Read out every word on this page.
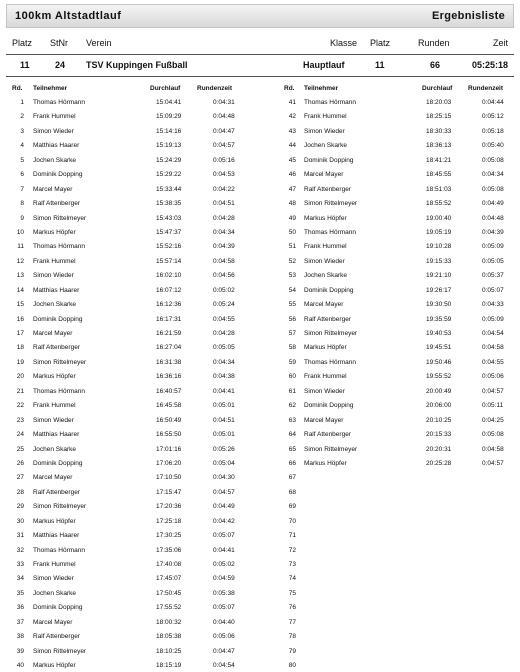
100km Altstadtlauf	Ergebnisliste
Platz StNr Verein	Klasse Platz	Runden	Zeit
11	24 TSV Kuppingen Fußball	Hauptlauf	11	66	05:25:18
Rd. Teilnehmer	Durchlauf	Rundenzeit	Rd. Teilnehmer	Durchlauf Rundenzeit
1 Thomas Hörmann	15:04:41	0:04:31
2 Frank Hummel	15:09:29	0:04:48
3 Simon Wieder	15:14:16	0:04:47
4 Matthias Haarer	15:19:13	0:04:57
5 Jochen Skarke	15:24:29	0:05:16
6 Dominik Dopping	15:29:22	0:04:53
7 Marcel Mayer	15:33:44	0:04:22
8 Ralf Attenberger	15:38:35	0:04:51
9 Simon Rittelmeyer	15:43:03	0:04:28
10 Markus Höpfer	15:47:37	0:04:34
11 Thomas Hörmann	15:52:16	0:04:39
12 Frank Hummel	15:57:14	0:04:58
13 Simon Wieder	16:02:10	0:04:56
14 Matthias Haarer	16:07:12	0:05:02
15 Jochen Skarke	16:12:36	0:05:24
16 Dominik Dopping	16:17:31	0:04:55
17 Marcel Mayer	16:21:59	0:04:28
18 Ralf Attenberger	16:27:04	0:05:05
19 Simon Rittelmeyer	16:31:38	0:04:34
20 Markus Höpfer	16:36:16	0:04:38
21 Thomas Hörmann	16:40:57	0:04:41
22 Frank Hummel	16:45:58	0:05:01
23 Simon Wieder	16:50:49	0:04:51
24 Matthias Haarer	16:55:50	0:05:01
25 Jochen Skarke	17:01:16	0:05:26
26 Dominik Dopping	17:06:20	0:05:04
27 Marcel Mayer	17:10:50	0:04:30
28 Ralf Attenberger	17:15:47	0:04:57
29 Simon Rittelmeyer	17:20:36	0:04:49
30 Markus Höpfer	17:25:18	0:04:42
31 Matthias Haarer	17:30:25	0:05:07
32 Thomas Hörmann	17:35:06	0:04:41
33 Frank Hummel	17:40:08	0:05:02
34 Simon Wieder	17:45:07	0:04:59
35 Jochen Skarke	17:50:45	0:05:38
36 Dominik Dopping	17:55:52	0:05:07
37 Marcel Mayer	18:00:32	0:04:40
38 Ralf Attenberger	18:05:38	0:05:06
39 Simon Rittelmeyer	18:10:25	0:04:47
40 Markus Höpfer	18:15:19	0:04:54
41 Thomas Hörmann	18:20:03	0:04:44
42 Frank Hummel	18:25:15	0:05:12
43 Simon Wieder	18:30:33	0:05:18
44 Jochen Skarke	18:36:13	0:05:40
45 Dominik Dopping	18:41:21	0:05:08
46 Marcel Mayer	18:45:55	0:04:34
47 Ralf Attenberger	18:51:03	0:05:08
48 Simon Rittelmeyer	18:55:52	0:04:49
49 Markus Höpfer	19:00:40	0:04:48
50 Thomas Hörmann	19:05:19	0:04:39
51 Frank Hummel	19:10:28	0:05:09
52 Simon Wieder	19:15:33	0:05:05
53 Jochen Skarke	19:21:10	0:05:37
54 Dominik Dopping	19:26:17	0:05:07
55 Marcel Mayer	19:30:50	0:04:33
56 Ralf Attenberger	19:35:59	0:05:09
57 Simon Rittelmeyer	19:40:53	0:04:54
58 Markus Höpfer	19:45:51	0:04:58
59 Thomas Hörmann	19:50:46	0:04:55
60 Frank Hummel	19:55:52	0:05:06
61 Simon Wieder	20:00:49	0:04:57
62 Dominik Dopping	20:06:00	0:05:11
63 Marcel Mayer	20:10:25	0:04:25
64 Ralf Attenberger	20:15:33	0:05:08
65 Simon Rittelmeyer	20:20:31	0:04:58
66 Markus Höpfer	20:25:28	0:04:57
67
68
69
70
71
72
73
74
75
76
77
78
79
80
